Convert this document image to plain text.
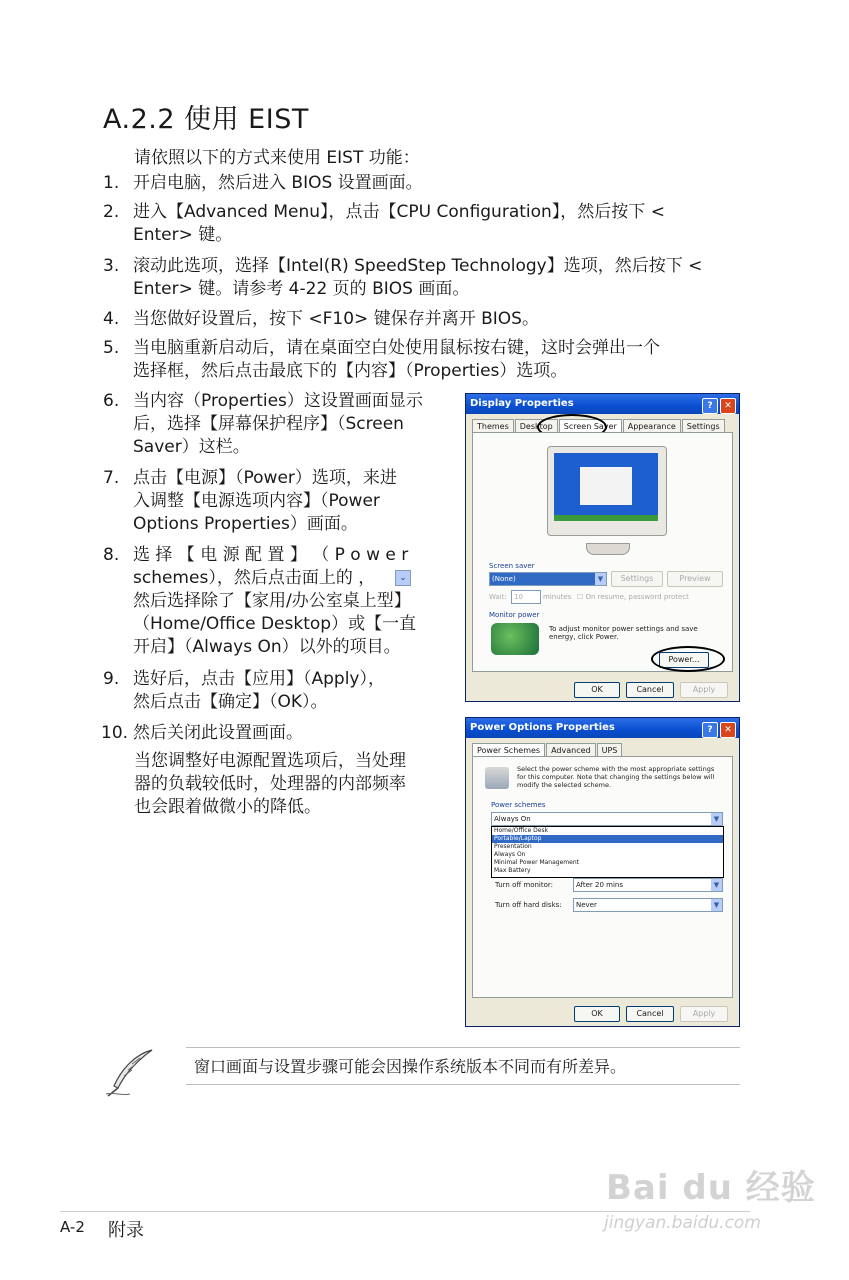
A.2.2 使用 EIST
请依照以下的方式来使用 EIST 功能：
1. 开启电脑，然后进入 BIOS 设置画面。
2. 进入【Advanced Menu】，点击【CPU Configuration】，然后按下 <
Enter> 键。
3. 滚动此选项，选择【Intel(R) SpeedStep Technology】选项，然后按下 <
Enter> 键。请参考 4-22 页的 BIOS 画面。
4. 当您做好设置后，按下 <F10> 键保存并离开 BIOS。
5. 当电脑重新启动后，请在桌面空白处使用鼠标按右键，这时会弹出一个
选择框，然后点击最底下的【内容】（Properties）选项。
6. 当内容（Properties）这设置画面显示
后，选择【屏幕保护程序】（Screen
Saver）这栏。
7. 点击【电源】（Power）选项，来进
入调整【电源选项内容】（Power
Options Properties）画面。
8. 选 择 【 电 源 配 置 】 （ P o w e r
schemes），然后点击面上的 ，	⌄
然后选择除了【家用/办公室桌上型】
（Home/Office Desktop）或【一直
开启】（Always On）以外的项目。
9. 选好后，点击【应用】（Apply），
然后点击【确定】（OK）。
10. 然后关闭此设置画面。
当您调整好电源配置选项后，当处理
器的负载较低时，处理器的内部频率
也会跟着做微小的降低。
Display Properties	? ✕
Themes Desktop Screen Saver Appearance Settings
Screen saver
(None)	▼	Settings	Preview
Wait:	10	minutes ☐ On resume, password protect
Monitor power
To adjust monitor power settings and save energy, click Power.
Power...
OK	Cancel	Apply
Power Options Properties	? ✕
Power Schemes Advanced UPS
Select the power scheme with the most appropriate settings for this computer. Note that changing the settings below will modify the selected scheme.
Power schemes
Always On	▼
Home/Office Desk
Portable/Laptop
Presentation
Always On
Minimal Power Management
Max Battery
Turn off monitor:	After 20 mins	▼
Turn off hard disks:	Never	▼
OK	Cancel	Apply
窗口画面与设置步骤可能会因操作系统版本不同而有所差异。
Bai du 经验
jingyan.baidu.com
A-2 附录
